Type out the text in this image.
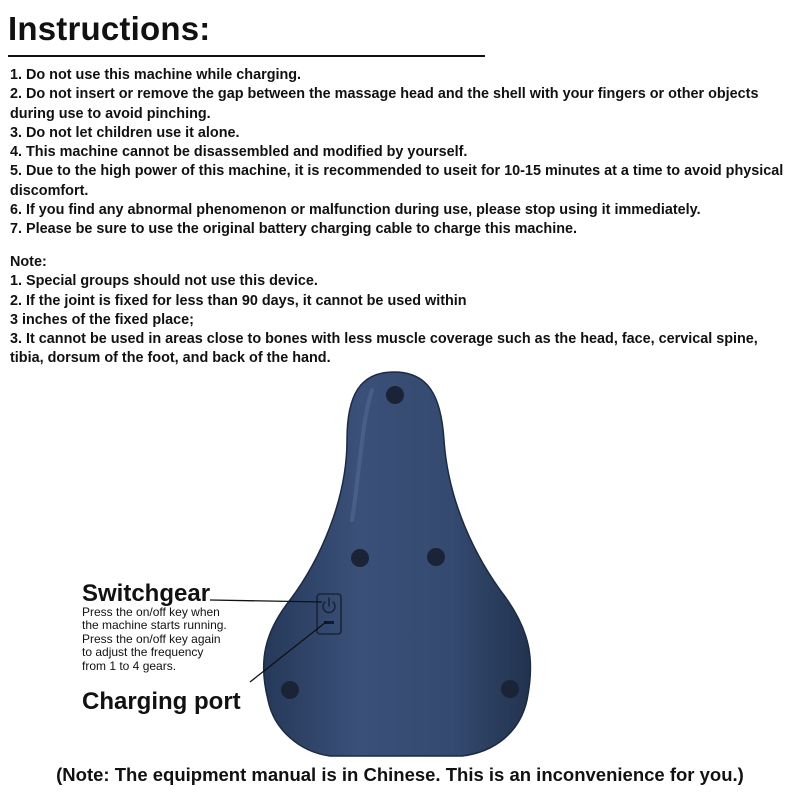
Instructions:
1. Do not use this machine while charging.
2. Do not insert or remove the gap between the massage head and the shell with your fingers or other objects during use to avoid pinching.
3. Do not let children use it alone.
4. This machine cannot be disassembled and modified by yourself.
5. Due to the high power of this machine, it is recommended to useit for 10-15 minutes at a time to avoid physical discomfort.
6. If you find any abnormal phenomenon or malfunction during use, please stop using it immediately.
7. Please be sure to use the original battery charging cable to charge this machine.
Note:
1. Special groups should not use this device.
2. If the joint is fixed for less than 90 days, it cannot be used within
3 inches of the fixed place;
3. It cannot be used in areas close to bones with less muscle coverage such as the head, face, cervical spine, tibia, dorsum of the foot, and back of the hand.
Switchgear
Press the on/off key when
the machine starts running.
Press the on/off key again
to adjust the frequency
from 1 to 4 gears.
Charging port
(Note: The equipment manual is in Chinese. This is an inconvenience for you.)
